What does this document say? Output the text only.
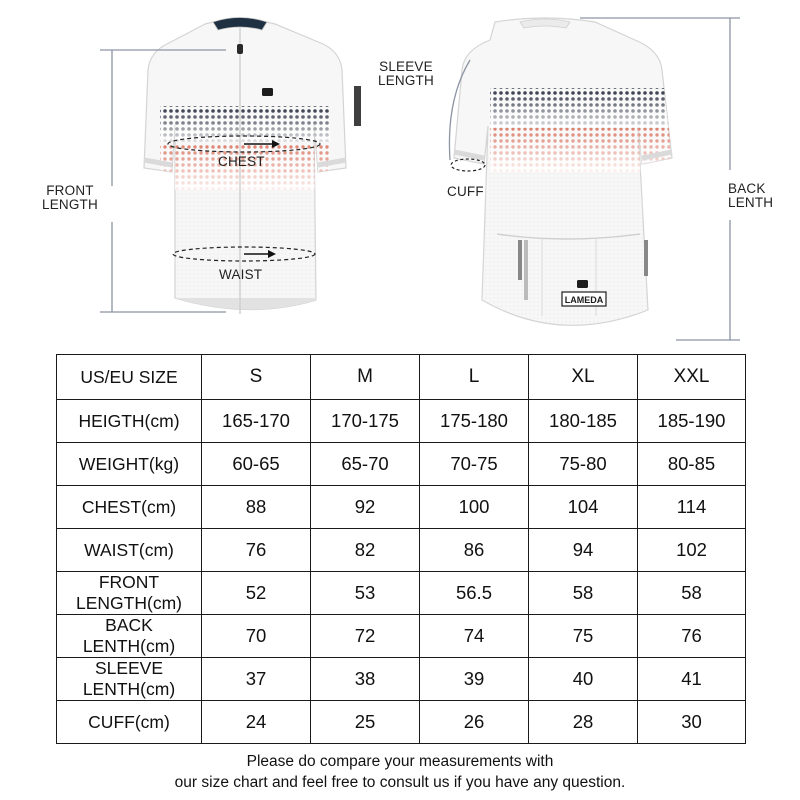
LAMEDA
CHEST
WAIST
FRONT
LENGTH
SLEEVE
LENGTH
CUFF	BACK
LENTH
US/EU SIZE	S	M	L	XL	XXL
HEIGTH(cm)	165-170	170-175	175-180	180-185	185-190
WEIGHT(kg)	60-65	65-70	70-75	75-80	80-85
CHEST(cm)	88	92	100	104	114
WAIST(cm)	76	82	86	94	102

FRONT
LENGTH(cm)	52	53	56.5	58	58

BACK
LENTH(cm)	70	72	74	75	76

SLEEVE
LENTH(cm)	37	38	39	40	41
CUFF(cm)	24	25	26	28	30
Please do compare your measurements with
our size chart and feel free to consult us if you have any question.
